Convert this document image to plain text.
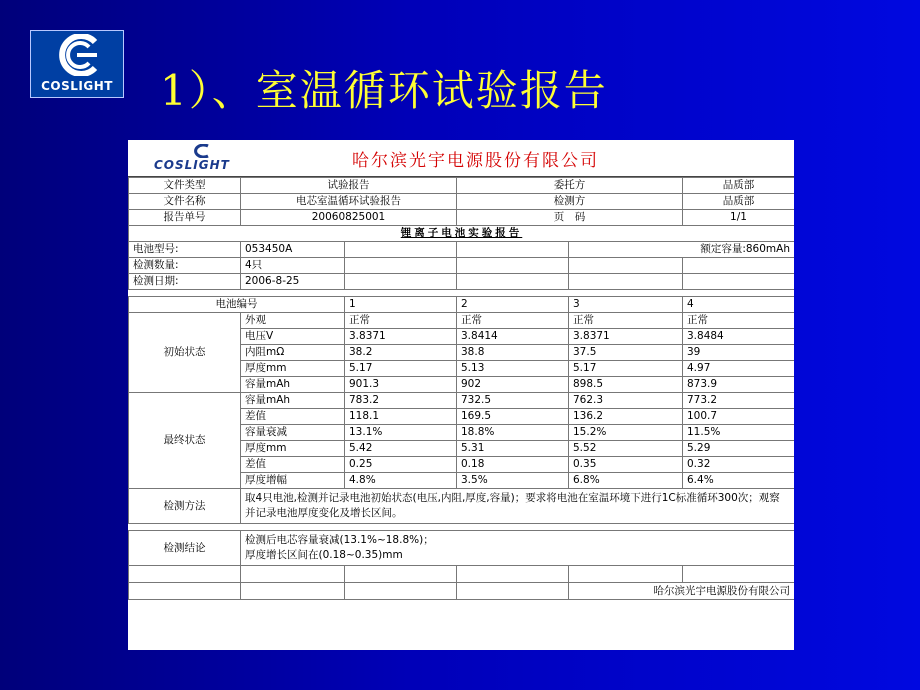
COSLIGHT 1）、室温循环试验报告
COSLIGHT	哈尔滨光宇电源股份有限公司
文件类型	试验报告		委托方		品质部
文件名称	电芯室温循环试验报告		检测方		品质部
报告单号	20060825001		页　码		1/1
锂离子电池实验报告					
电池型号:	053450A			额定容量:860mAh	
检测数量:	4只				
检测日期:	2006-8-25				

电池编号		1	2	3	4
初始状态	外观	正常	正常	正常	正常
	电压V	3.8371	3.8414	3.8371	3.8484
	内阻mΩ	38.2	38.8	37.5	39
	厚度mm	5.17	5.13	5.17	4.97
	容量mAh	901.3	902	898.5	873.9
最终状态	容量mAh	783.2	732.5	762.3	773.2
	差值	118.1	169.5	136.2	100.7
	容量衰减	13.1%	18.8%	15.2%	11.5%
	厚度mm	5.42	5.31	5.52	5.29
	差值	0.25	0.18	0.35	0.32
	厚度增幅	4.8%	3.5%	6.8%	6.4%
检测方法	取4只电池,检测并记录电池初始状态(电压,内阻,厚度,容量)；要求将电池在室温环境下进行1C标准循环300次；观察并记录电池厚度变化及增长区间。				

检测结论	检测后电芯容量衰减(13.1%~18.8%)；
厚度增长区间在(0.18~0.35)mm				

				哈尔滨光宇电源股份有限公司	
